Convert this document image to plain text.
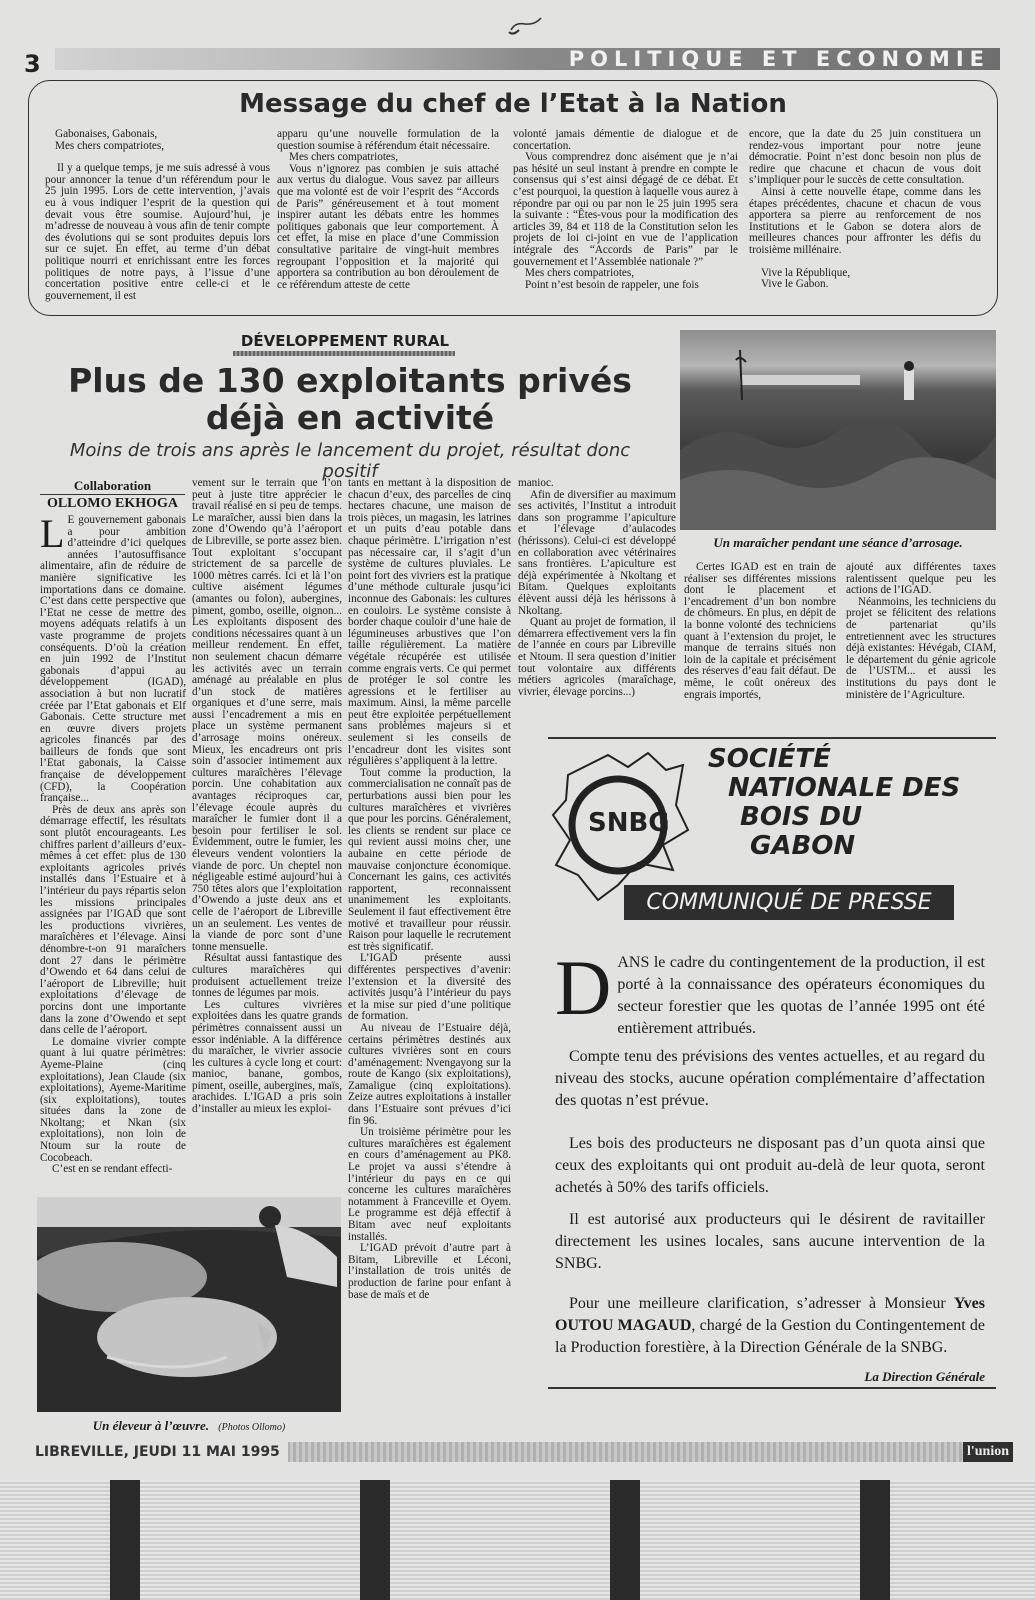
3	POLITIQUE ET ECONOMIE
Message du chef de l’Etat à la Nation

Gabonaises, Gabonais,

Mes chers compatriotes,

Il y a quelque temps, je me suis adressé à vous pour annoncer la tenue d’un référendum pour le 25 juin 1995. Lors de cette intervention, j’avais eu à vous indiquer l’esprit de la question qui devait vous être soumise. Aujourd’hui, je m’adresse de nouveau à vous afin de tenir compte des évolutions qui se sont produites depuis lors sur ce sujet. En effet, au terme d’un débat politique nourri et enrichissant entre les forces politiques de notre pays, à l’issue d’une concertation positive entre celle-ci et le gouvernement, il est

apparu qu’une nouvelle formulation de la question soumise à référendum était nécessaire.

Mes chers compatriotes,

Vous n’ignorez pas combien je suis attaché aux vertus du dialogue. Vous savez par ailleurs que ma volonté est de voir l’esprit des “Accords de Paris” généreusement et à tout moment inspirer autant les débats entre les hommes politiques gabonais que leur comportement. À cet effet, la mise en place d’une Commission consultative paritaire de vingt-huit membres regroupant l’opposition et la majorité qui apportera sa contribution au bon déroulement de ce référendum atteste de cette

volonté jamais démentie de dialogue et de concertation.

Vous comprendrez donc aisément que je n’ai pas hésité un seul instant à prendre en compte le consensus qui s’est ainsi dégagé de ce débat. Et c’est pourquoi, la question à laquelle vous aurez à répondre par oui ou par non le 25 juin 1995 sera la suivante : “Êtes-vous pour la modification des articles 39, 84 et 118 de la Constitution selon les projets de loi ci-joint en vue de l’application intégrale des “Accords de Paris” par le gouvernement et l’Assemblée nationale ?”

Mes chers compatriotes,

Point n’est besoin de rappeler, une fois

encore, que la date du 25 juin constituera un rendez-vous important pour notre jeune démocratie. Point n’est donc besoin non plus de redire que chacune et chacun de vous doit s’impliquer pour le succès de cette consultation.

Ainsi à cette nouvelle étape, comme dans les étapes précédentes, chacune et chacun de vous apportera sa pierre au renforcement de nos Institutions et le Gabon se dotera alors de meilleures chances pour affronter les défis du troisième millénaire.

Vive la République,

Vive le Gabon.

DÉVELOPPEMENT RURAL
Plus de 130 exploitants privés
déjà en activité
Moins de trois ans après le lancement du projet, résultat donc positif
Un maraîcher pendant une séance d’arrosage.
Collaboration
OLLOMO EKHOGA

L E gouvernement gabonais a pour ambition d’atteindre d’ici quelques années l’autosuffisance alimentaire, afin de réduire de manière significative les importations dans ce domaine. C’est dans cette perspective que l’Etat ne cesse de mettre des moyens adéquats relatifs à un vaste programme de projets conséquents. D’où la création en juin 1992 de l’Institut gabonais d’appui au développement (IGAD), association à but non lucratif créée par l’Etat gabonais et Elf Gabonais. Cette structure met en œuvre divers projets agricoles financés par des bailleurs de fonds que sont l’Etat gabonais, la Caisse française de développement (CFD), la Coopération française...

Près de deux ans après son démarrage effectif, les résultats sont plutôt encourageants. Les chiffres parlent d’ailleurs d’eux-mêmes à cet effet: plus de 130 exploitants agricoles privés installés dans l’Estuaire et à l’intérieur du pays répartis selon les missions principales assignées par l’IGAD que sont les productions vivrières, maraîchères et l’élevage. Ainsi dénombre-t-on 91 maraîchers dont 27 dans le périmètre d’Owendo et 64 dans celui de l’aéroport de Libreville; huit exploitations d’élevage de porcins dont une importante dans la zone d’Owendo et sept dans celle de l’aéroport.

Le domaine vivrier compte quant à lui quatre périmètres: Ayeme-Plaine (cinq exploitations), Jean Claude (six exploitations), Ayeme-Maritime (six exploitations), toutes situées dans la zone de Nkoltang; et Nkan (six exploitations), non loin de Ntoum sur la route de Cocobeach.

C’est en se rendant effecti-

vement sur le terrain que l’on peut à juste titre apprécier le travail réalisé en si peu de temps. Le maraîcher, aussi bien dans la zone d’Owendo qu’à l’aéroport de Libreville, se porte assez bien. Tout exploitant s’occupant strictement de sa parcelle de 1000 mètres carrés. Ici et là l’on cultive aisément légumes (amantes ou folon), aubergines, piment, gombo, oseille, oignon... Les exploitants disposent des conditions nécessaires quant à un meilleur rendement. En effet, non seulement chacun démarre les activités avec un terrain aménagé au préalable en plus d’un stock de matières organiques et d’une serre, mais aussi l’encadrement a mis en place un système permanent d’arrosage moins onéreux. Mieux, les encadreurs ont pris soin d’associer intimement aux cultures maraîchères l’élevage porcin. Une cohabitation aux avantages réciproques car, l’élevage écoule auprès du maraîcher le fumier dont il a besoin pour fertiliser le sol. Évidemment, outre le fumier, les éleveurs vendent volontiers la viande de porc. Un cheptel non négligeable estimé aujourd’hui à 750 têtes alors que l’exploitation d’Owendo a juste deux ans et celle de l’aéroport de Libreville un an seulement. Les ventes de la viande de porc sont d’une tonne mensuelle.

Résultat aussi fantastique des cultures maraîchères qui produisent actuellement treize tonnes de légumes par mois.

Les cultures vivrières exploitées dans les quatre grands périmètres connaissent aussi un essor indéniable. A la différence du maraîcher, le vivrier associe les cultures à cycle long et court: manioc, banane, gombos, piment, oseille, aubergines, maïs, arachides. L’IGAD a pris soin d’installer au mieux les exploi-

tants en mettant à la disposition de chacun d’eux, des parcelles de cinq hectares chacune, une maison de trois pièces, un magasin, les latrines et un puits d’eau potable dans chaque périmètre. L’irrigation n’est pas nécessaire car, il s’agit d’un système de cultures pluviales. Le point fort des vivriers est la pratique d’une méthode culturale jusqu’ici inconnue des Gabonais: les cultures en couloirs. Le système consiste à border chaque couloir d’une haie de légumineuses arbustives que l’on taille régulièrement. La matière végétale récupérée est utilisée comme engrais verts. Ce qui permet de protéger le sol contre les agressions et le fertiliser au maximum. Ainsi, la même parcelle peut être exploitée perpétuellement sans problèmes majeurs si et seulement si les conseils de l’encadreur dont les visites sont régulières s’appliquent à la lettre.

Tout comme la production, la commercialisation ne connaît pas de perturbations aussi bien pour les cultures maraîchères et vivrières que pour les porcins. Généralement, les clients se rendent sur place ce qui revient aussi moins cher, une aubaine en cette période de mauvaise conjoncture économique. Concernant les gains, ces activités rapportent, reconnaissent unanimement les exploitants. Seulement il faut effectivement être motivé et travailleur pour réussir. Raison pour laquelle le recrutement est très significatif.

L’IGAD présente aussi différentes perspectives d’avenir: l’extension et la diversité des activités jusqu’à l’intérieur du pays et la mise sur pied d’une politique de formation.

Au niveau de l’Estuaire déjà, certains périmètres destinés aux cultures vivrières sont en cours d’aménagement: Nvengayong sur la route de Kango (six exploitations), Zamaligue (cinq exploitations). Zeize autres exploitations à installer dans l’Estuaire sont prévues d’ici fin 96.

Un troisième périmètre pour les cultures maraîchères est également en cours d’aménagement au PK8. Le projet va aussi s’étendre à l’intérieur du pays en ce qui concerne les cultures maraîchères notamment à Franceville et Oyem. Le programme est déjà effectif à Bitam avec neuf exploitants installés.

L’IGAD prévoit d’autre part à Bitam, Libreville et Léconi, l’installation de trois unités de production de farine pour enfant à base de maïs et de

manioc.

Afin de diversifier au maximum ses activités, l’Institut a introduit dans son programme l’apiculture et l’élevage d’aulacodes (hérissons). Celui-ci est développé en collaboration avec vétérinaires sans frontières. L’apiculture est déjà expérimentée à Nkoltang et Bitam. Quelques exploitants élèvent aussi déjà les hérissons à Nkoltang.

Quant au projet de formation, il démarrera effectivement vers la fin de l’année en cours par Libreville et Ntoum. Il sera question d’initier tout volontaire aux différents métiers agricoles (maraîchage, vivrier, élevage porcins...)

Certes IGAD est en train de réaliser ses différentes missions dont le placement et l’encadrement d’un bon nombre de chômeurs. En plus, en dépit de la bonne volonté des techniciens quant à l’extension du projet, le manque de terrains situés non loin de la capitale et précisément des réserves d’eau fait défaut. De même, le coût onéreux des engrais importés,

ajouté aux différentes taxes ralentissent quelque peu les actions de l’IGAD.

Néanmoins, les techniciens du projet se félicitent des relations de partenariat qu’ils entretiennent avec les structures déjà existantes: Hévégab, CIAM, le département du génie agricole de l’USTM... et aussi les institutions du pays dont le ministère de l’Agriculture.

Un éleveur à l’œuvre. (Photos Ollomo)
SNBG
SOCIÉTÉ
NATIONALE DES
BOIS DU
GABON
COMMUNIQUÉ DE PRESSE

DANS le cadre du contingentement de la production, il est porté à la connaissance des opérateurs économiques du secteur forestier que les quotas de l’année 1995 ont été entièrement attribués.

Compte tenu des prévisions des ventes actuelles, et au regard du niveau des stocks, aucune opération complémentaire d’affectation des quotas n’est prévue.

Les bois des producteurs ne disposant pas d’un quota ainsi que ceux des exploitants qui ont produit au-delà de leur quota, seront achetés à 50% des tarifs officiels.

Il est autorisé aux producteurs qui le désirent de ravitailler directement les usines locales, sans aucune intervention de la SNBG.

Pour une meilleure clarification, s’adresser à Monsieur Yves OUTOU MAGAUD, chargé de la Gestion du Contingentement de la Production forestière, à la Direction Générale de la SNBG.

La Direction Générale
LIBREVILLE, JEUDI 11 MAI 1995	l'union
